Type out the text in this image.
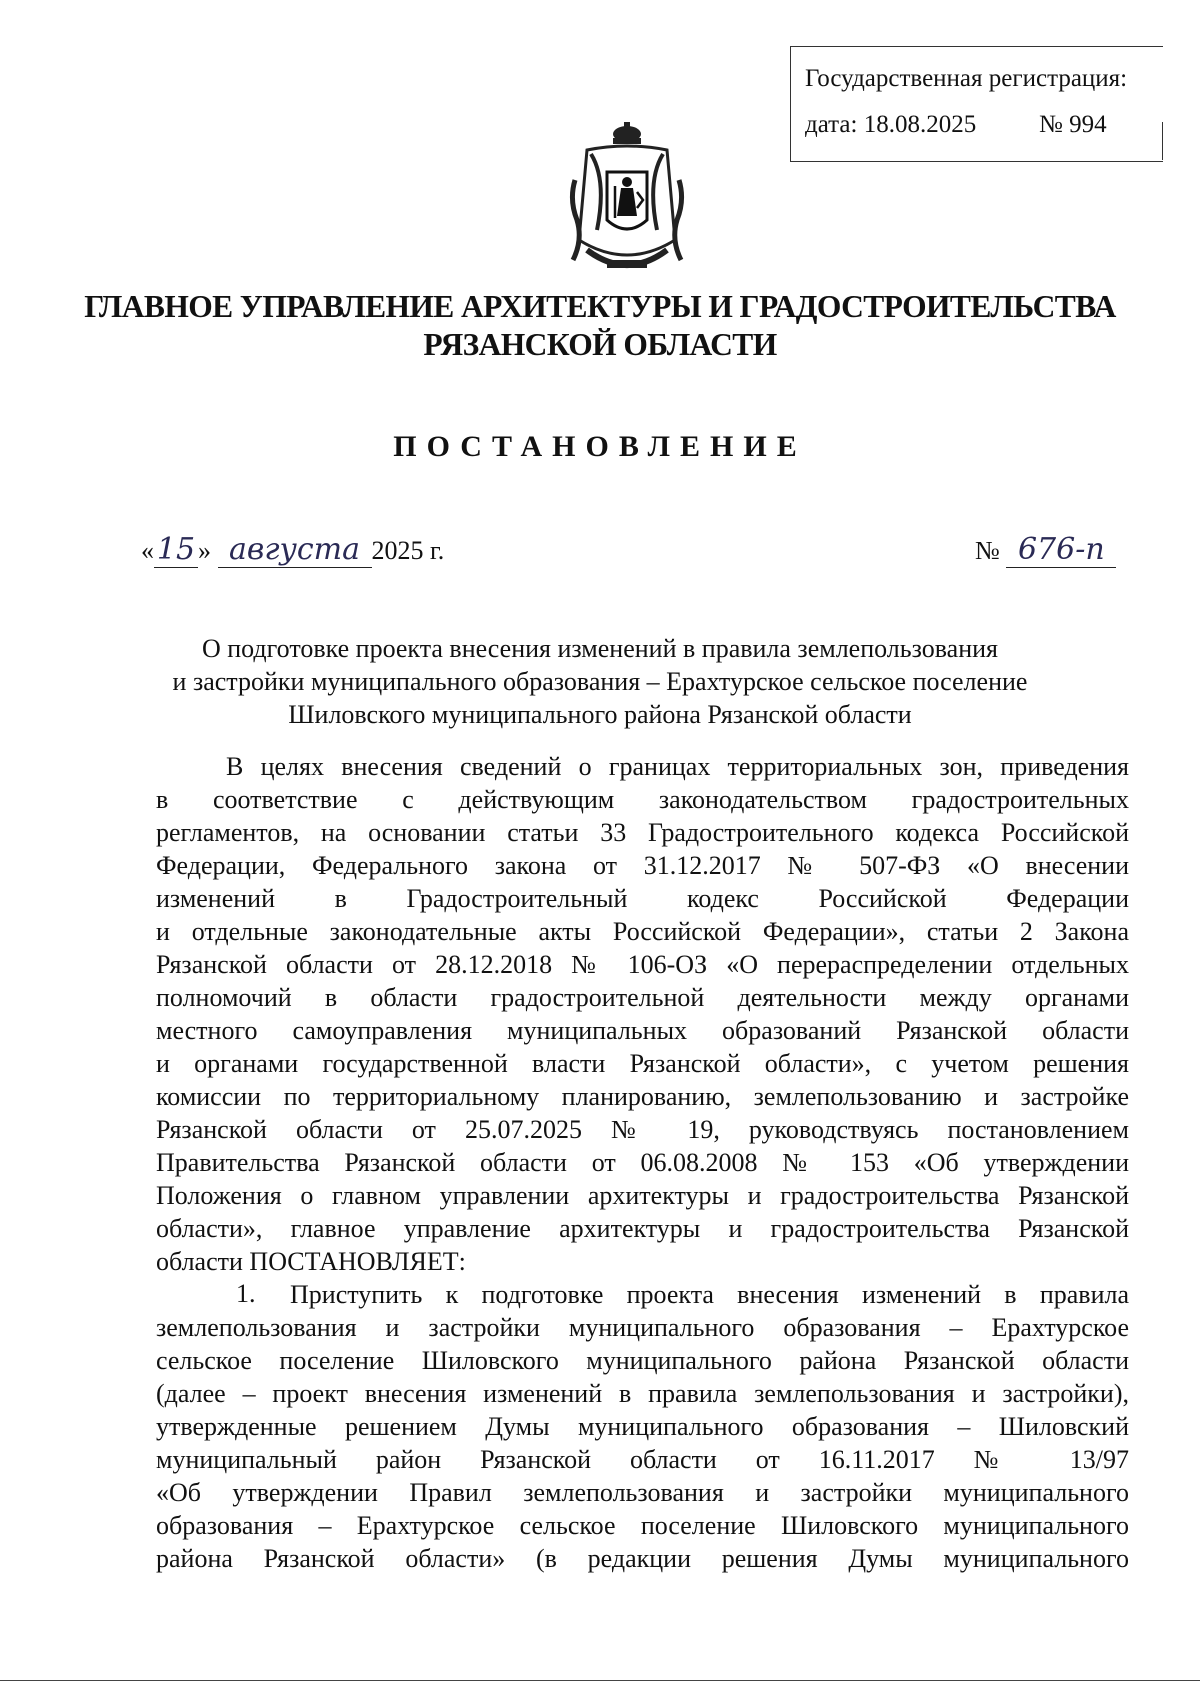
Государственная регистрация:
дата: 18.08.2025	№ 994
ГЛАВНОЕ УПРАВЛЕНИЕ АРХИТЕКТУРЫ И ГРАДОСТРОИТЕЛЬСТВА
РЯЗАНСКОЙ ОБЛАСТИ
ПОСТАНОВЛЕНИЕ
«15 » августа 2025 г.	№ 676-п
О подготовке проекта внесения изменений в правила землепользования
и застройки муниципального образования – Ерахтурское сельское поселение
Шиловского муниципального района Рязанской области
В целях внесения сведений о границах территориальных зон, приведения
в соответствие с действующим законодательством градостроительных
регламентов, на основании статьи 33 Градостроительного кодекса Российской
Федерации, Федерального закона от 31.12.2017 № 507-ФЗ «О внесении
изменений в Градостроительный кодекс Российской Федерации
и отдельные законодательные акты Российской Федерации», статьи 2 Закона
Рязанской области от 28.12.2018 № 106-ОЗ «О перераспределении отдельных
полномочий в области градостроительной деятельности между органами
местного самоуправления муниципальных образований Рязанской области
и органами государственной власти Рязанской области», с учетом решения
комиссии по территориальному планированию, землепользованию и застройке
Рязанской области от 25.07.2025 № 19, руководствуясь постановлением
Правительства Рязанской области от 06.08.2008 № 153 «Об утверждении
Положения о главном управлении архитектуры и градостроительства Рязанской
области», главное управление архитектуры и градостроительства Рязанской
области ПОСТАНОВЛЯЕТ:
1. Приступить к подготовке проекта внесения изменений в правила
землепользования и застройки муниципального образования – Ерахтурское
сельское поселение Шиловского муниципального района Рязанской области
(далее – проект внесения изменений в правила землепользования и застройки),
утвержденные решением Думы муниципального образования – Шиловский
муниципальный район Рязанской области от 16.11.2017 № 13/97
«Об утверждении Правил землепользования и застройки муниципального
образования – Ерахтурское сельское поселение Шиловского муниципального
района Рязанской области» (в редакции решения Думы муниципального
